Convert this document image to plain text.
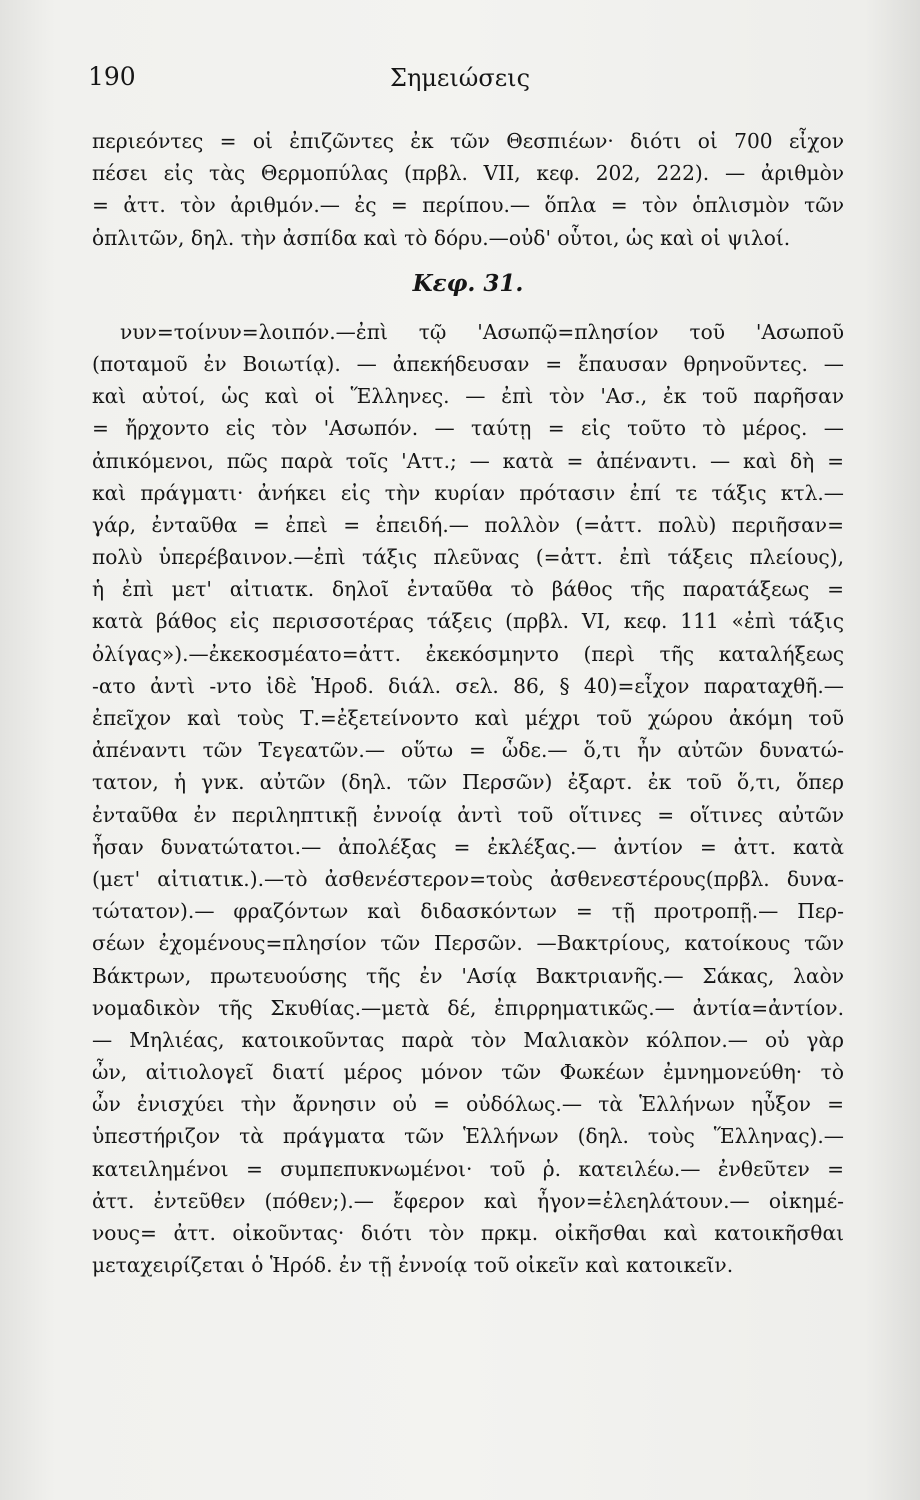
190	Σημειώσεις
περιεόντες = οἱ ἐπιζῶντες ἐκ τῶν Θεσπιέων· διότι οἱ 700 εἶχον
πέσει εἰς τὰς Θερμοπύλας (πρβλ. VII, κεφ. 202, 222). — ἀριθμὸν
= ἀττ. τὸν ἀριθμόν.— ἐς = περίπου.— ὅπλα = τὸν ὁπλισμὸν τῶν
ὁπλιτῶν, δηλ. τὴν ἀσπίδα καὶ τὸ δόρυ.—οὐδ' οὗτοι, ὡς καὶ οἱ ψιλοί.
Κεφ. 31.
νυν=τοίνυν=λοιπόν.—ἐπὶ τῷ 'Ασωπῷ=πλησίον τοῦ 'Ασωποῦ
(ποταμοῦ ἐν Βοιωτίᾳ). — ἀπεκήδευσαν = ἔπαυσαν θρηνοῦντες. —
καὶ αὐτοί, ὡς καὶ οἱ Ἕλληνες. — ἐπὶ τὸν 'Ασ., ἐκ τοῦ παρῆσαν
= ἤρχοντο εἰς τὸν 'Ασωπόν. — ταύτῃ = εἰς τοῦτο τὸ μέρος. —
ἀπικόμενοι, πῶς παρὰ τοῖς 'Αττ.; — κατὰ = ἀπέναντι. — καὶ δὴ =
καὶ πράγματι· ἀνήκει εἰς τὴν κυρίαν πρότασιν ἐπί τε τάξις κτλ.—
γάρ, ἐνταῦθα = ἐπεὶ = ἐπειδή.— πολλὸν (=ἀττ. πολὺ) περιῆσαν=
πολὺ ὑπερέβαινον.—ἐπὶ τάξις πλεῦνας (=ἀττ. ἐπὶ τάξεις πλείους),
ἡ ἐπὶ μετ' αἰτιατκ. δηλοῖ ἐνταῦθα τὸ βάθος τῆς παρατάξεως =
κατὰ βάθος εἰς περισσοτέρας τάξεις (πρβλ. VI, κεφ. 111 «ἐπὶ τάξις
ὀλίγας»).—ἐκεκοσμέατο=ἀττ. ἐκεκόσμηντο (περὶ τῆς καταλήξεως
-ατο ἀντὶ -ντο ἰδὲ Ἡροδ. διάλ. σελ. 86, § 40)=εἶχον παραταχθῆ.—
ἐπεῖχον καὶ τοὺς Τ.=ἐξετείνοντο καὶ μέχρι τοῦ χώρου ἀκόμη τοῦ
ἀπέναντι τῶν Τεγεατῶν.— οὕτω = ὧδε.— ὅ,τι ἦν αὐτῶν δυνατώ-
τατον, ἡ γνκ. αὐτῶν (δηλ. τῶν Περσῶν) ἐξαρτ. ἐκ τοῦ ὅ,τι, ὅπερ
ἐνταῦθα ἐν περιληπτικῇ ἐννοίᾳ ἀντὶ τοῦ οἵτινες = οἵτινες αὐτῶν
ἦσαν δυνατώτατοι.— ἀπολέξας = ἐκλέξας.— ἀντίον = ἀττ. κατὰ
(μετ' αἰτιατικ.).—τὸ ἀσθενέστερον=τοὺς ἀσθενεστέρους(πρβλ. δυνα-
τώτατον).— φραζόντων καὶ διδασκόντων = τῇ προτροπῇ.— Περ-
σέων ἐχομένους=πλησίον τῶν Περσῶν. —Βακτρίους, κατοίκους τῶν
Βάκτρων, πρωτευούσης τῆς ἐν 'Ασίᾳ Βακτριανῆς.— Σάκας, λαὸν
νομαδικὸν τῆς Σκυθίας.—μετὰ δέ, ἐπιρρηματικῶς.— ἀντία=ἀντίον.
— Μηλιέας, κατοικοῦντας παρὰ τὸν Μαλιακὸν κόλπον.— οὐ γὰρ
ὦν, αἰτιολογεῖ διατί μέρος μόνον τῶν Φωκέων ἐμνημονεύθη· τὸ
ὦν ἐνισχύει τὴν ἄρνησιν οὐ = οὐδόλως.— τὰ Ἑλλήνων ηὖξον =
ὑπεστήριζον τὰ πράγματα τῶν Ἑλλήνων (δηλ. τοὺς Ἕλληνας).—
κατειλημένοι = συμπεπυκνωμένοι· τοῦ ῥ. κατειλέω.— ἐνθεῦτεν =
ἀττ. ἐντεῦθεν (πόθεν;).— ἔφερον καὶ ἦγον=ἐλεηλάτουν.— οἰκημέ-
νους= ἀττ. οἰκοῦντας· διότι τὸν πρκμ. οἰκῆσθαι καὶ κατοικῆσθαι
μεταχειρίζεται ὁ Ἡρόδ. ἐν τῇ ἐννοίᾳ τοῦ οἰκεῖν καὶ κατοικεῖν.
